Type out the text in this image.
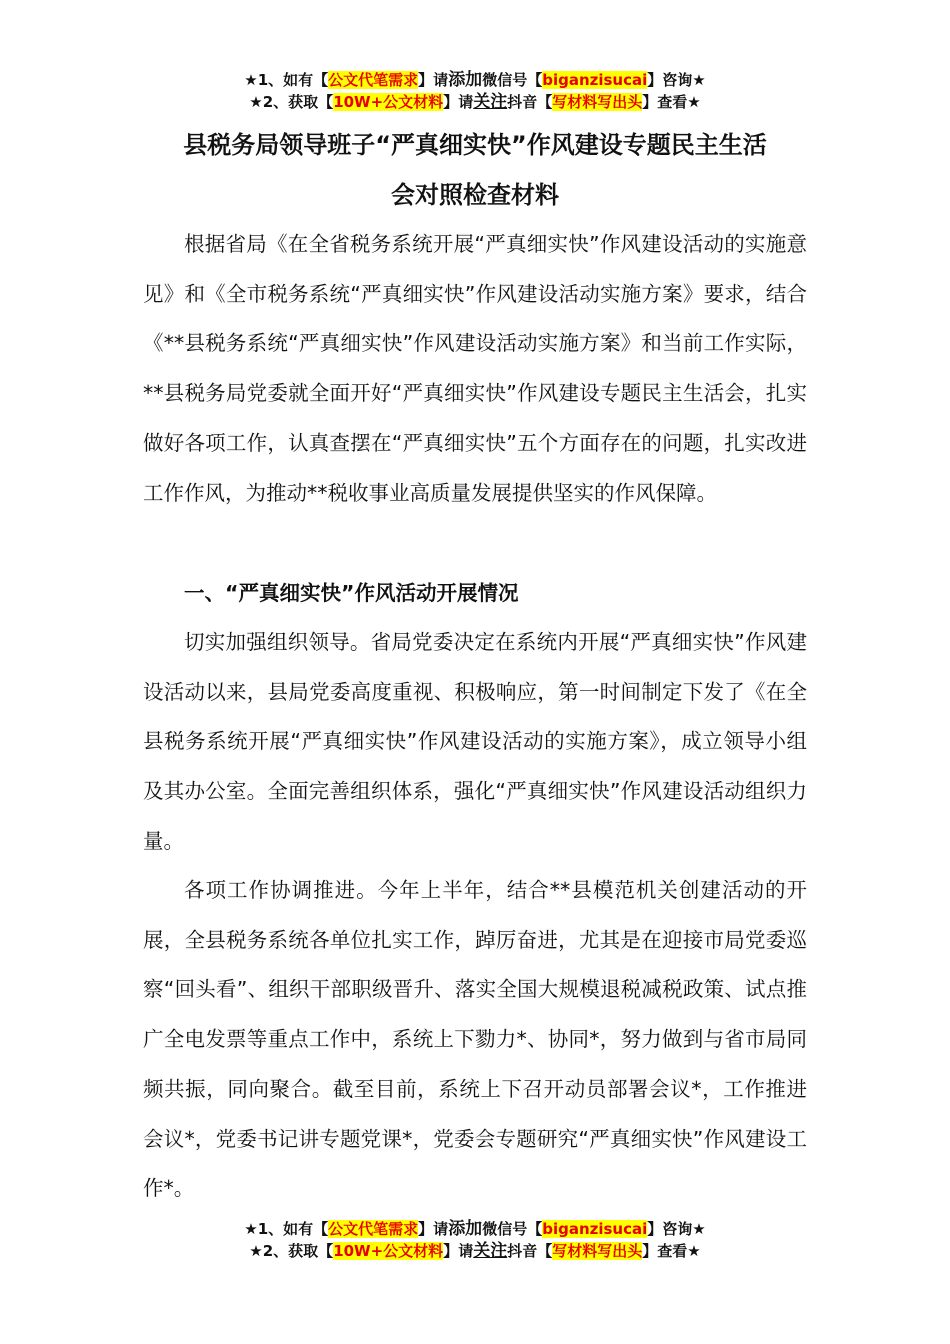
★1、如有【公文代笔需求】请添加微信号【biganzisucai】咨询★
★2、获取【10W+公文材料】请关注抖音【写材料写出头】查看★
县税务局领导班子“严真细实快”作风建设专题民主生活
会对照检查材料

根据省局《在全省税务系统开展“严真细实快”作风建设活动的实施意见》和《全市税务系统“严真细实快”作风建设活动实施方案》要求，结合《**县税务系统“严真细实快”作风建设活动实施方案》和当前工作实际，**县税务局党委就全面开好“严真细实快”作风建设专题民主生活会，扎实做好各项工作，认真查摆在“严真细实快”五个方面存在的问题，扎实改进工作作风，为推动**税收事业高质量发展提供坚实的作风保障。

一、“严真细实快”作风活动开展情况

切实加强组织领导。省局党委决定在系统内开展“严真细实快”作风建设活动以来，县局党委高度重视、积极响应，第一时间制定下发了《在全县税务系统开展“严真细实快”作风建设活动的实施方案》，成立领导小组及其办公室。全面完善组织体系，强化“严真细实快”作风建设活动组织力量。

各项工作协调推进。今年上半年，结合**县模范机关创建活动的开展，全县税务系统各单位扎实工作，踔厉奋进，尤其是在迎接市局党委巡察“回头看”、组织干部职级晋升、落实全国大规模退税减税政策、试点推广全电发票等重点工作中，系统上下勠力*、协同*，努力做到与省市局同频共振，同向聚合。截至目前，系统上下召开动员部署会议*，工作推进会议*，党委书记讲专题党课*，党委会专题研究“严真细实快”作风建设工作*。

★1、如有【公文代笔需求】请添加微信号【biganzisucai】咨询★
★2、获取【10W+公文材料】请关注抖音【写材料写出头】查看★
